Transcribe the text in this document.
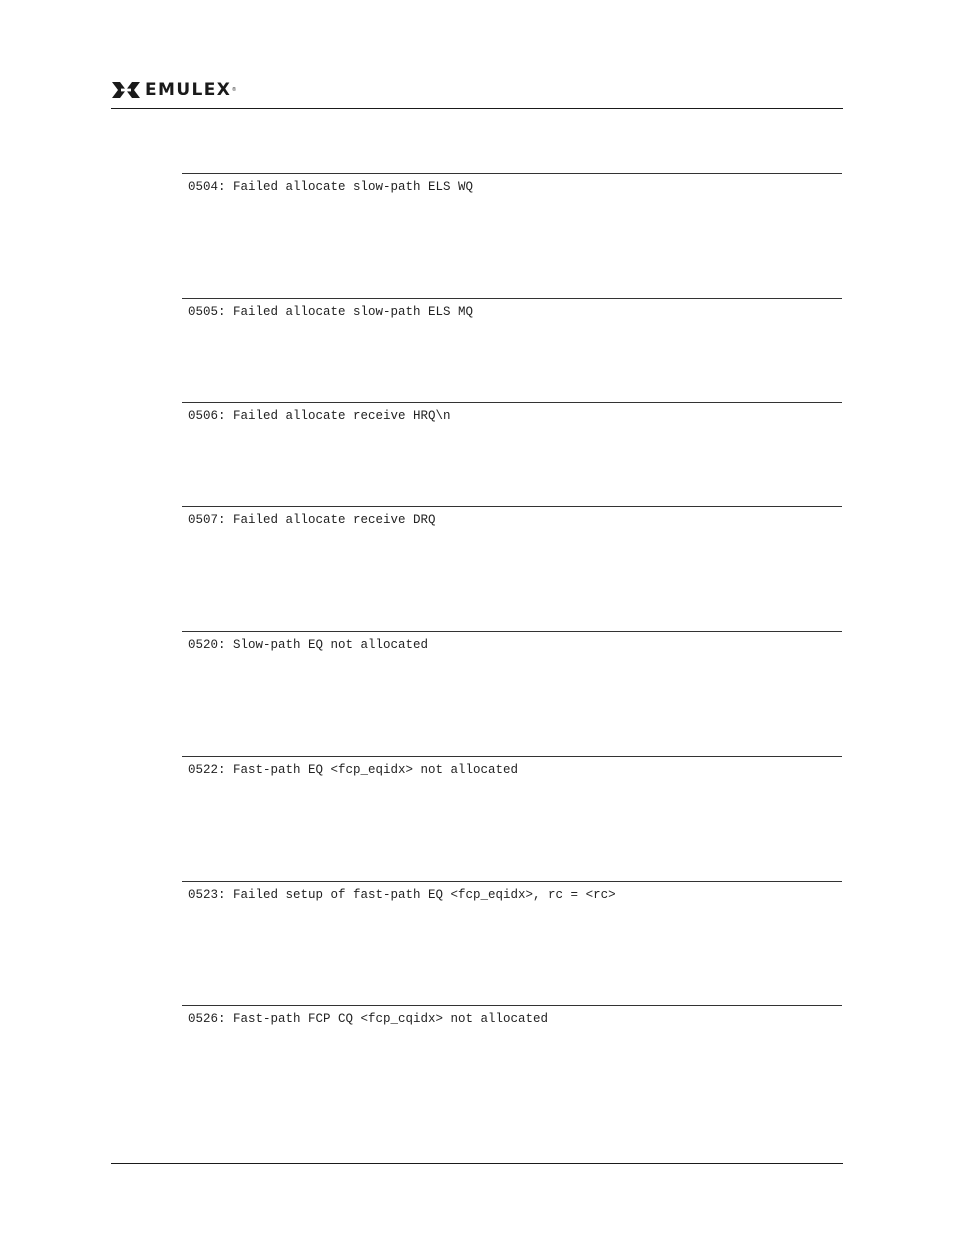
EMULEX ®
0504: Failed allocate slow-path ELS WQ
0505: Failed allocate slow-path ELS MQ
0506: Failed allocate receive HRQ\n
0507: Failed allocate receive DRQ
0520: Slow-path EQ not allocated
0522: Fast-path EQ <fcp_eqidx> not allocated
0523: Failed setup of fast-path EQ <fcp_eqidx>, rc = <rc>
0526: Fast-path FCP CQ <fcp_cqidx> not allocated
